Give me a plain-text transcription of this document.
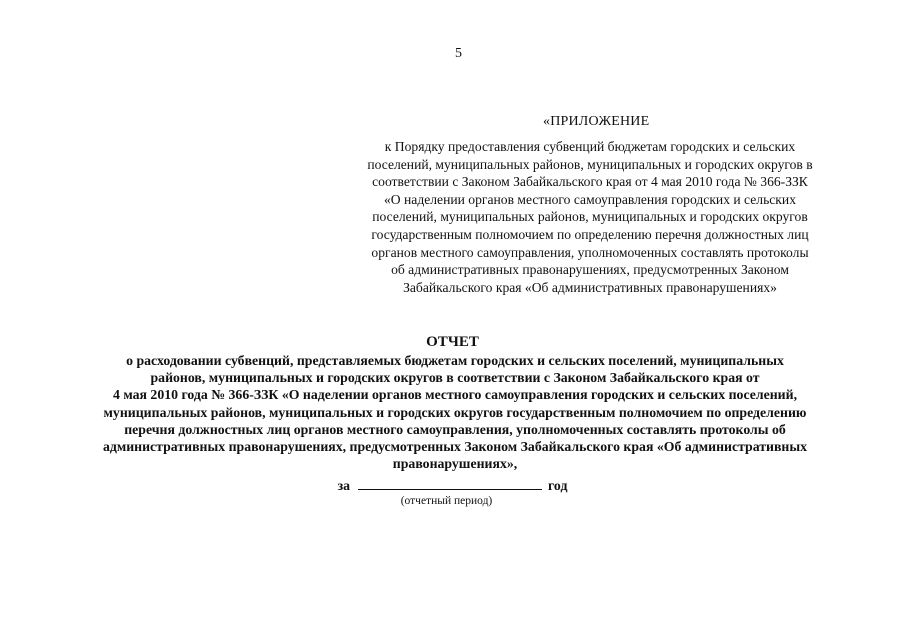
5
«ПРИЛОЖЕНИЕ
к Порядку предоставления субвенций бюджетам городских и сельских
поселений, муниципальных районов, муниципальных и городских округов в
соответствии с Законом Забайкальского края от 4 мая 2010 года № 366-ЗЗК
«О наделении органов местного самоуправления городских и сельских
поселений, муниципальных районов, муниципальных и городских округов
государственным полномочием по определению перечня должностных лиц
органов местного самоуправления, уполномоченных составлять протоколы
об административных правонарушениях, предусмотренных Законом
Забайкальского края «Об административных правонарушениях»
ОТЧЕТ
о расходовании субвенций, представляемых бюджетам городских и сельских поселений, муниципальных
районов, муниципальных и городских округов в соответствии с Законом Забайкальского края от
4 мая 2010 года № 366-ЗЗК «О наделении органов местного самоуправления городских и сельских поселений,
муниципальных районов, муниципальных и городских округов государственным полномочием по определению
перечня должностных лиц органов местного самоуправления, уполномоченных составлять протоколы об
административных правонарушениях, предусмотренных Законом Забайкальского края «Об административных
правонарушениях»,
за	год
(отчетный период)
